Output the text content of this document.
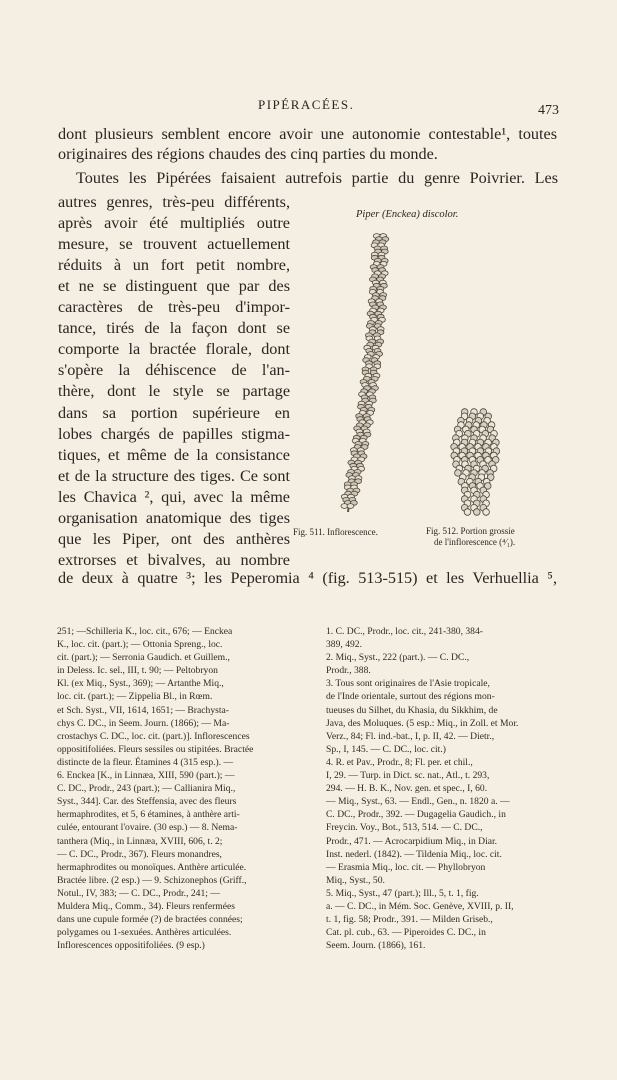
PIPÉRACÉES.	473
dont plusieurs semblent encore avoir une autonomie contestable¹, toutes
originaires des régions chaudes des cinq parties du monde.
Toutes les Pipérées faisaient autrefois partie du genre Poivrier. Les
autres genres, très-peu différents,
après avoir été multipliés outre
mesure, se trouvent actuellement
réduits à un fort petit nombre,
et ne se distinguent que par des
caractères de très-peu d'impor-
tance, tirés de la façon dont se
comporte la bractée florale, dont
s'opère la déhiscence de l'an-
thère, dont le style se partage
dans sa portion supérieure en
lobes chargés de papilles stigma-
tiques, et même de la consistance
et de la structure des tiges. Ce sont
les Chavica ², qui, avec la même
organisation anatomique des tiges
que les Piper, ont des anthères
extrorses et bivalves, au nombre
de deux à quatre ³; les Peperomia ⁴ (fig. 513-515) et les Verhuellia ⁵,
Piper (Enckea) discolor.
Fig. 511. Inflorescence.	Fig. 512. Portion grossie
de l'inflorescence (⁴⁄₁).
251; —Schilleria K., loc. cit., 676; — Enckea
K., loc. cit. (part.); — Ottonia Spreng., loc.
cit. (part.); — Serronia Gaudich. et Guillem.,
in Deless. Ic. sel., III, t. 90; — Peltobryon
Kl. (ex Miq., Syst., 369); — Artanthe Miq.,
loc. cit. (part.); — Zippelia Bl., in Rœm.
et Sch. Syst., VII, 1614, 1651; — Brachysta-
chys C. DC., in Seem. Journ. (1866); — Ma-
crostachys C. DC., loc. cit. (part.)]. Inflorescences
oppositifoliées. Fleurs sessiles ou stipitées. Bractée
distincte de la fleur. Étamines 4 (315 esp.). —
6. Enckea [K., in Linnæa, XIII, 590 (part.); —
C. DC., Prodr., 243 (part.); — Callianira Miq.,
Syst., 344]. Car. des Steffensia, avec des fleurs
hermaphrodites, et 5, 6 étamines, à anthère arti-
culée, entourant l'ovaire. (30 esp.) — 8. Nema-
tanthera (Miq., in Linnæa, XVIII, 606, t. 2;
— C. DC., Prodr., 367). Fleurs monandres,
hermaphrodites ou monoïques. Anthère articulée.
Bractée libre. (2 esp.) — 9. Schizonephos (Griff.,
Notul., IV, 383; — C. DC., Prodr., 241; —
Muldera Miq., Comm., 34). Fleurs renfermées
dans une cupule formée (?) de bractées connées;
polygames ou 1-sexuées. Anthères articulées.
Inflorescences oppositifoliées. (9 esp.)
1. C. DC., Prodr., loc. cit., 241-380, 384-
389, 492.
2. Miq., Syst., 222 (part.). — C. DC.,
Prodr., 388.
3. Tous sont originaires de l'Asie tropicale,
de l'Inde orientale, surtout des régions mon-
tueuses du Silhet, du Khasia, du Sikkhim, de
Java, des Moluques. (5 esp.: Miq., in Zoll. et Mor.
Verz., 84; Fl. ind.-bat., I, p. II, 42. — Dietr.,
Sp., I, 145. — C. DC., loc. cit.)
4. R. et Pav., Prodr., 8; Fl. per. et chil.,
I, 29. — Turp. in Dict. sc. nat., Atl., t. 293,
294. — H. B. K., Nov. gen. et spec., I, 60.
— Miq., Syst., 63. — Endl., Gen., n. 1820 a. —
C. DC., Prodr., 392. — Dugagelia Gaudich., in
Freycin. Voy., Bot., 513, 514. — C. DC.,
Prodr., 471. — Acrocarpidium Miq., in Diar.
Inst. nederl. (1842). — Tildenia Miq., loc. cit.
— Erasmia Miq., loc. cit. — Phyllobryon
Miq., Syst., 50.
5. Miq., Syst., 47 (part.); Ill., 5, t. 1, fig.
a. — C. DC., in Mém. Soc. Genève, XVIII, p. II,
t. 1, fig. 58; Prodr., 391. — Milden Griseb.,
Cat. pl. cub., 63. — Piperoides C. DC., in
Seem. Journ. (1866), 161.
